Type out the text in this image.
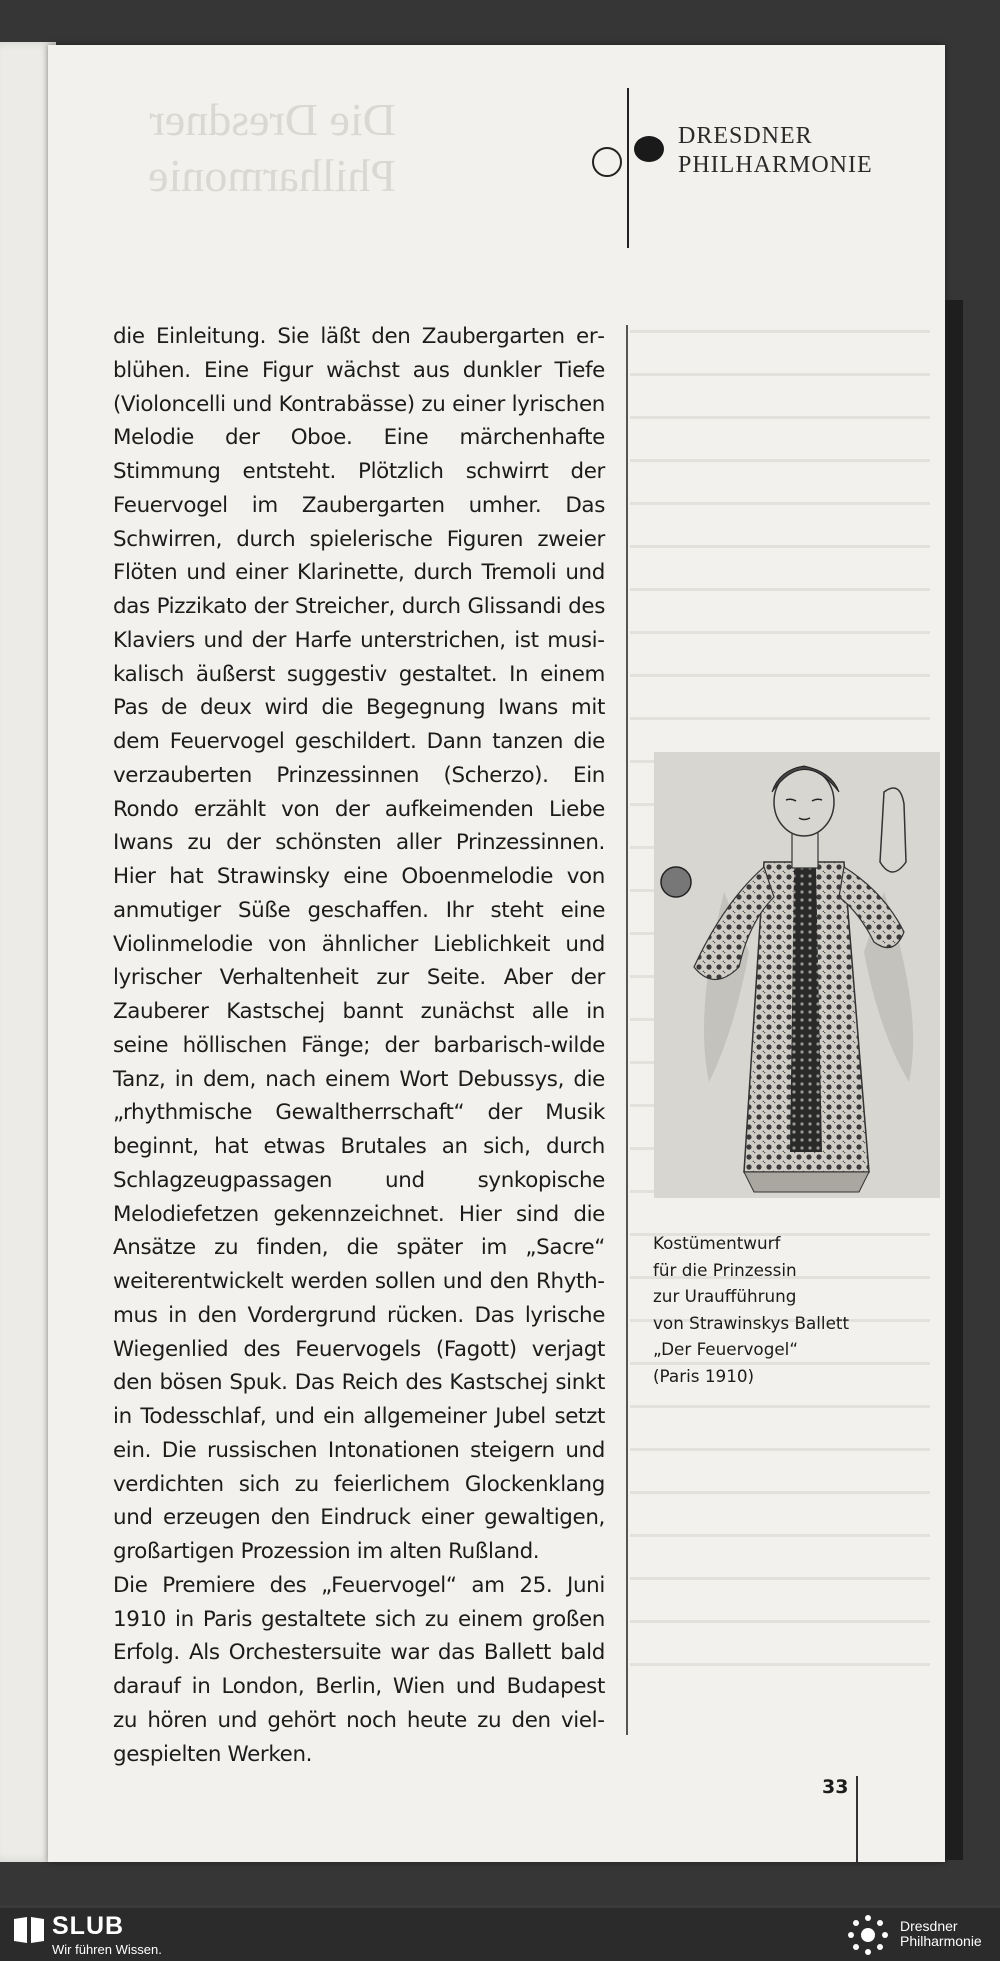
Die Dresdner
Philharmonie
DRESDNER
PHILHARMONIE

die Einleitung. Sie läßt den Zaubergarten erblühen. Eine Figur wächst aus dunkler Tiefe (Violoncelli und Kontrabässe) zu einer lyrischen Melodie der Oboe. Eine märchenhafte Stimmung entsteht. Plötzlich schwirrt der Feuervogel im Zaubergarten umher. Das Schwirren, durch spielerische Figuren zweier Flöten und einer Klarinette, durch Tremoli und das Pizzikato der Streicher, durch Glissandi des Klaviers und der Harfe unterstrichen, ist musikalisch äußerst suggestiv gestaltet. In einem Pas de deux wird die Begegnung Iwans mit dem Feuervogel geschildert. Dann tanzen die verzauberten Prinzessinnen (Scherzo). Ein Rondo erzählt von der aufkeimenden Liebe Iwans zu der schönsten aller Prinzessinnen. Hier hat Strawinsky eine Oboenmelodie von anmutiger Süße geschaffen. Ihr steht eine Violinmelodie von ähnlicher Lieblichkeit und lyrischer Verhaltenheit zur Seite. Aber der Zauberer Kastschej bannt zunächst alle in seine höllischen Fänge; der barbarisch-wilde Tanz, in dem, nach einem Wort Debussys, die „rhythmische Gewaltherrschaft“ der Musik beginnt, hat etwas Brutales an sich, durch Schlagzeugpassagen und synkopische Melodiefetzen gekennzeichnet. Hier sind die Ansätze zu finden, die später im „Sacre“ weiterentwickelt werden sollen und den Rhythmus in den Vordergrund rücken. Das lyrische Wiegenlied des Feuervogels (Fagott) verjagt den bösen Spuk. Das Reich des Kastschej sinkt in Todesschlaf, und ein allgemeiner Jubel setzt ein. Die russischen Intonationen steigern und verdichten sich zu feierlichem Glockenklang und erzeugen den Eindruck einer gewaltigen, großartigen Prozession im alten Rußland.

Die Premiere des „Feuervogel“ am 25. Juni 1910 in Paris gestaltete sich zu einem großen Erfolg. Als Orchestersuite war das Ballett bald darauf in London, Berlin, Wien und Budapest zu hören und gehört noch heute zu den vielgespielten Werken.

Kostümentwurf
für die Prinzessin
zur Uraufführung
von Strawinskys Ballett
„Der Feuervogel“
(Paris 1910)
33
SLUB
Wir führen Wissen.
Dresdner
Philharmonie
